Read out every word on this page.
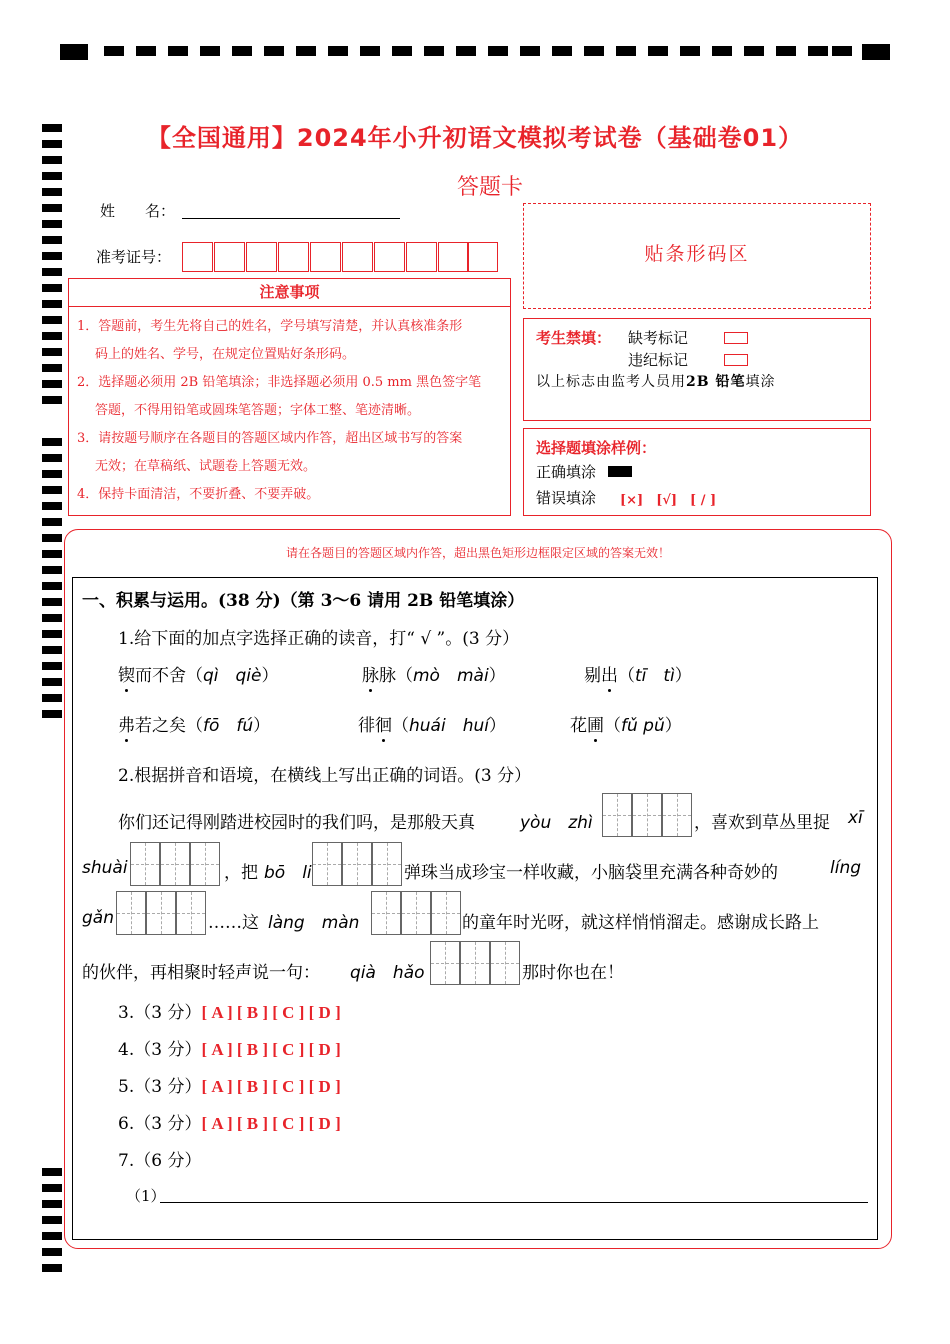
【全国通用】2024年小升初语文模拟考试卷（基础卷01）
答题卡
姓　　名：
准考证号：
注意事项
1．答题前，考生先将自己的姓名，学号填写清楚，并认真核准条形
码上的姓名、学号，在规定位置贴好条形码。
2．选择题必须用 2B 铅笔填涂；非选择题必须用 0.5 mm 黑色签字笔
答题，不得用铅笔或圆珠笔答题；字体工整、笔迹清晰。
3．请按题号顺序在各题目的答题区域内作答，超出区域书写的答案
无效；在草稿纸、试题卷上答题无效。
4．保持卡面清洁，不要折叠、不要弄破。
贴条形码区
考生禁填： 缺考标记
违纪标记
以上标志由监考人员用2B 铅笔填涂
选择题填涂样例：
正确填涂
错误填涂 [×]　[√]　[ / ]
请在各题目的答题区域内作答，超出黑色矩形边框限定区域的答案无效！
一、积累与运用。(38 分)（第 3～6 请用 2B 铅笔填涂）
1.给下面的加点字选择正确的读音，打“ √ ”。(3 分）
锲而不舍（qì　qiè）	脉脉（mò　mài）	剔出（tī　tì）
弗若之矣（fō　fú）	徘徊（huái　huí）	花圃（fǔ pǔ）
2.根据拼音和语境，在横线上写出正确的词语。(3 分）
你们还记得刚踏进校园时的我们吗，是那般天真	yòu　zhì	，喜欢到草丛里捉 xī
shuài	，把 bō　li	弹珠当成珍宝一样收藏，小脑袋里充满各种奇妙的	líng
gǎn	……这 làng　màn	的童年时光呀，就这样悄悄溜走。感谢成长路上
的伙伴，再相聚时轻声说一句： qià　hǎo	那时你也在！
3.（3 分）[ A ] [ B ] [ C ] [ D ]
4.（3 分）[ A ] [ B ] [ C ] [ D ]
5.（3 分）[ A ] [ B ] [ C ] [ D ]
6.（3 分）[ A ] [ B ] [ C ] [ D ]
7.（6 分）
（1）
